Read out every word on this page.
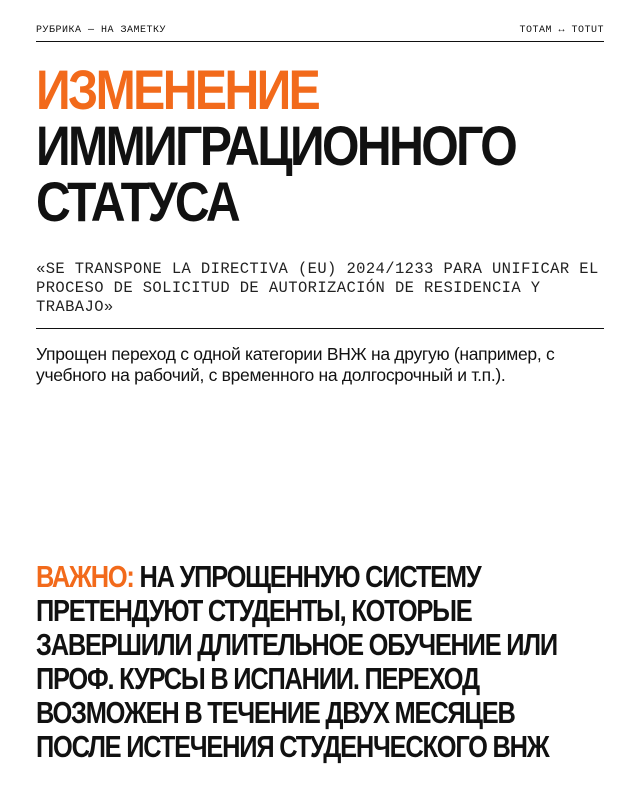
РУБРИКА — НА ЗАМЕТКУ	TOTAM ↔ TOTUT
ИЗМЕНЕНИЕ
ИММИГРАЦИОННОГО
СТАТУСА
«SE TRANSPONE LA DIRECTIVA (EU) 2024/1233 PARA UNIFICAR EL PROCESO DE SOLICITUD DE AUTORIZACIÓN DE RESIDENCIA Y TRABAJO»

Упрощен переход с одной категории ВНЖ на другую (например, с учебного на рабочий, с временного на долгосрочный и т.п.).

ВАЖНО: НА УПРОЩЕННУЮ СИСТЕМУ ПРЕТЕНДУЮТ СТУДЕНТЫ, КОТОРЫЕ ЗАВЕРШИЛИ ДЛИТЕЛЬНОЕ ОБУЧЕНИЕ ИЛИ ПРОФ. КУРСЫ В ИСПАНИИ. ПЕРЕХОД ВОЗМОЖЕН В ТЕЧЕНИЕ ДВУХ МЕСЯЦЕВ ПОСЛЕ ИСТЕЧЕНИЯ СТУДЕНЧЕСКОГО ВНЖ
